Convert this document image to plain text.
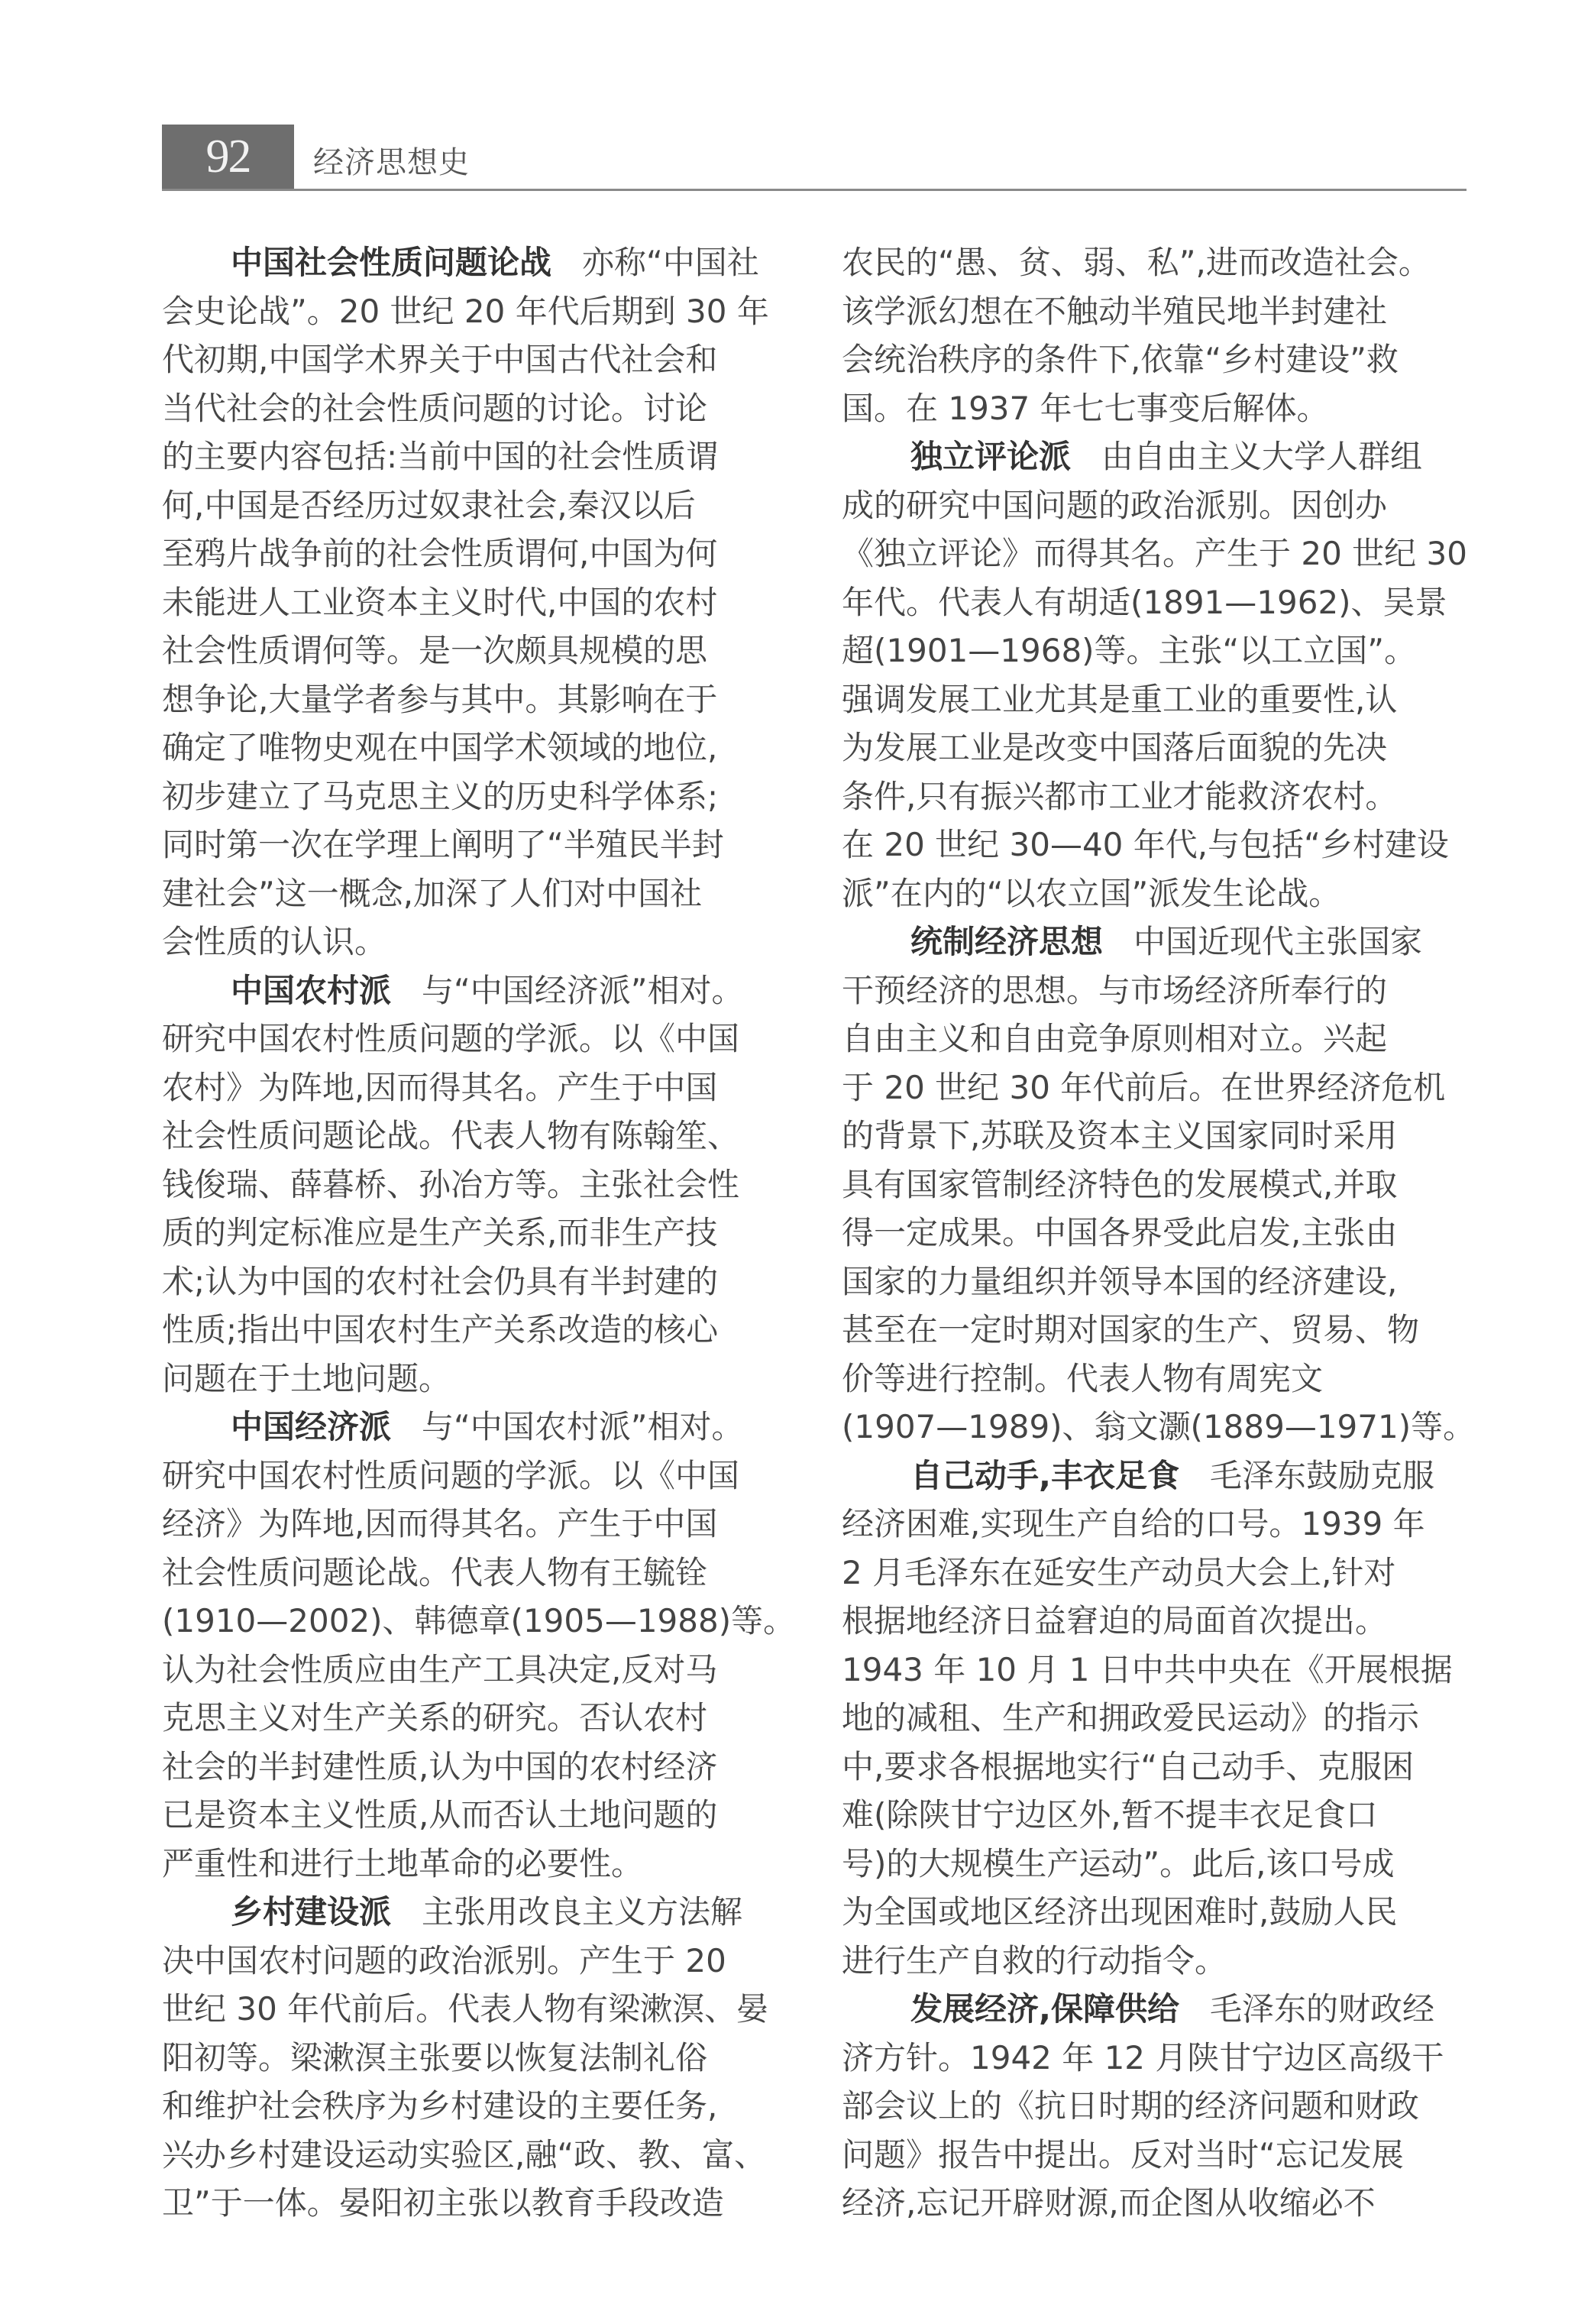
92	经济思想史
中国社会性质问题论战 亦称“中国社
会史论战”。20 世纪 20 年代后期到 30 年
代初期,中国学术界关于中国古代社会和
当代社会的社会性质问题的讨论。讨论
的主要内容包括:当前中国的社会性质谓
何,中国是否经历过奴隶社会,秦汉以后
至鸦片战争前的社会性质谓何,中国为何
未能进人工业资本主义时代,中国的农村
社会性质谓何等。是一次颇具规模的思
想争论,大量学者参与其中。其影响在于
确定了唯物史观在中国学术领域的地位,
初步建立了马克思主义的历史科学体系;
同时第一次在学理上阐明了“半殖民半封
建社会”这一概念,加深了人们对中国社
会性质的认识。
中国农村派 与“中国经济派”相对。
研究中国农村性质问题的学派。以《中国
农村》为阵地,因而得其名。产生于中国
社会性质问题论战。代表人物有陈翰笙、
钱俊瑞、薛暮桥、孙冶方等。主张社会性
质的判定标准应是生产关系,而非生产技
术;认为中国的农村社会仍具有半封建的
性质;指出中国农村生产关系改造的核心
问题在于土地问题。
中国经济派 与“中国农村派”相对。
研究中国农村性质问题的学派。以《中国
经济》为阵地,因而得其名。产生于中国
社会性质问题论战。代表人物有王毓铨
(1910—2002)、韩德章(1905—1988)等。
认为社会性质应由生产工具决定,反对马
克思主义对生产关系的研究。否认农村
社会的半封建性质,认为中国的农村经济
已是资本主义性质,从而否认土地问题的
严重性和进行土地革命的必要性。
乡村建设派 主张用改良主义方法解
决中国农村问题的政治派别。产生于 20
世纪 30 年代前后。代表人物有梁漱溟、晏
阳初等。梁漱溟主张要以恢复法制礼俗
和维护社会秩序为乡村建设的主要任务,
兴办乡村建设运动实验区,融“政、教、富、
卫”于一体。晏阳初主张以教育手段改造
农民的“愚、贫、弱、私”,进而改造社会。
该学派幻想在不触动半殖民地半封建社
会统治秩序的条件下,依靠“乡村建设”救
国。在 1937 年七七事变后解体。
独立评论派 由自由主义大学人群组
成的研究中国问题的政治派别。因创办
《独立评论》而得其名。产生于 20 世纪 30
年代。代表人有胡适(1891—1962)、吴景
超(1901—1968)等。主张“以工立国”。
强调发展工业尤其是重工业的重要性,认
为发展工业是改变中国落后面貌的先决
条件,只有振兴都市工业才能救济农村。
在 20 世纪 30—40 年代,与包括“乡村建设
派”在内的“以农立国”派发生论战。
统制经济思想 中国近现代主张国家
干预经济的思想。与市场经济所奉行的
自由主义和自由竞争原则相对立。兴起
于 20 世纪 30 年代前后。在世界经济危机
的背景下,苏联及资本主义国家同时采用
具有国家管制经济特色的发展模式,并取
得一定成果。中国各界受此启发,主张由
国家的力量组织并领导本国的经济建设,
甚至在一定时期对国家的生产、贸易、物
价等进行控制。代表人物有周宪文
(1907—1989)、翁文灏(1889—1971)等。
自己动手,丰衣足食 毛泽东鼓励克服
经济困难,实现生产自给的口号。1939 年
2 月毛泽东在延安生产动员大会上,针对
根据地经济日益窘迫的局面首次提出。
1943 年 10 月 1 日中共中央在《开展根据
地的减租、生产和拥政爱民运动》的指示
中,要求各根据地实行“自己动手、克服困
难(除陕甘宁边区外,暂不提丰衣足食口
号)的大规模生产运动”。此后,该口号成
为全国或地区经济出现困难时,鼓励人民
进行生产自救的行动指令。
发展经济,保障供给 毛泽东的财政经
济方针。1942 年 12 月陕甘宁边区高级干
部会议上的《抗日时期的经济问题和财政
问题》报告中提出。反对当时“忘记发展
经济,忘记开辟财源,而企图从收缩必不
